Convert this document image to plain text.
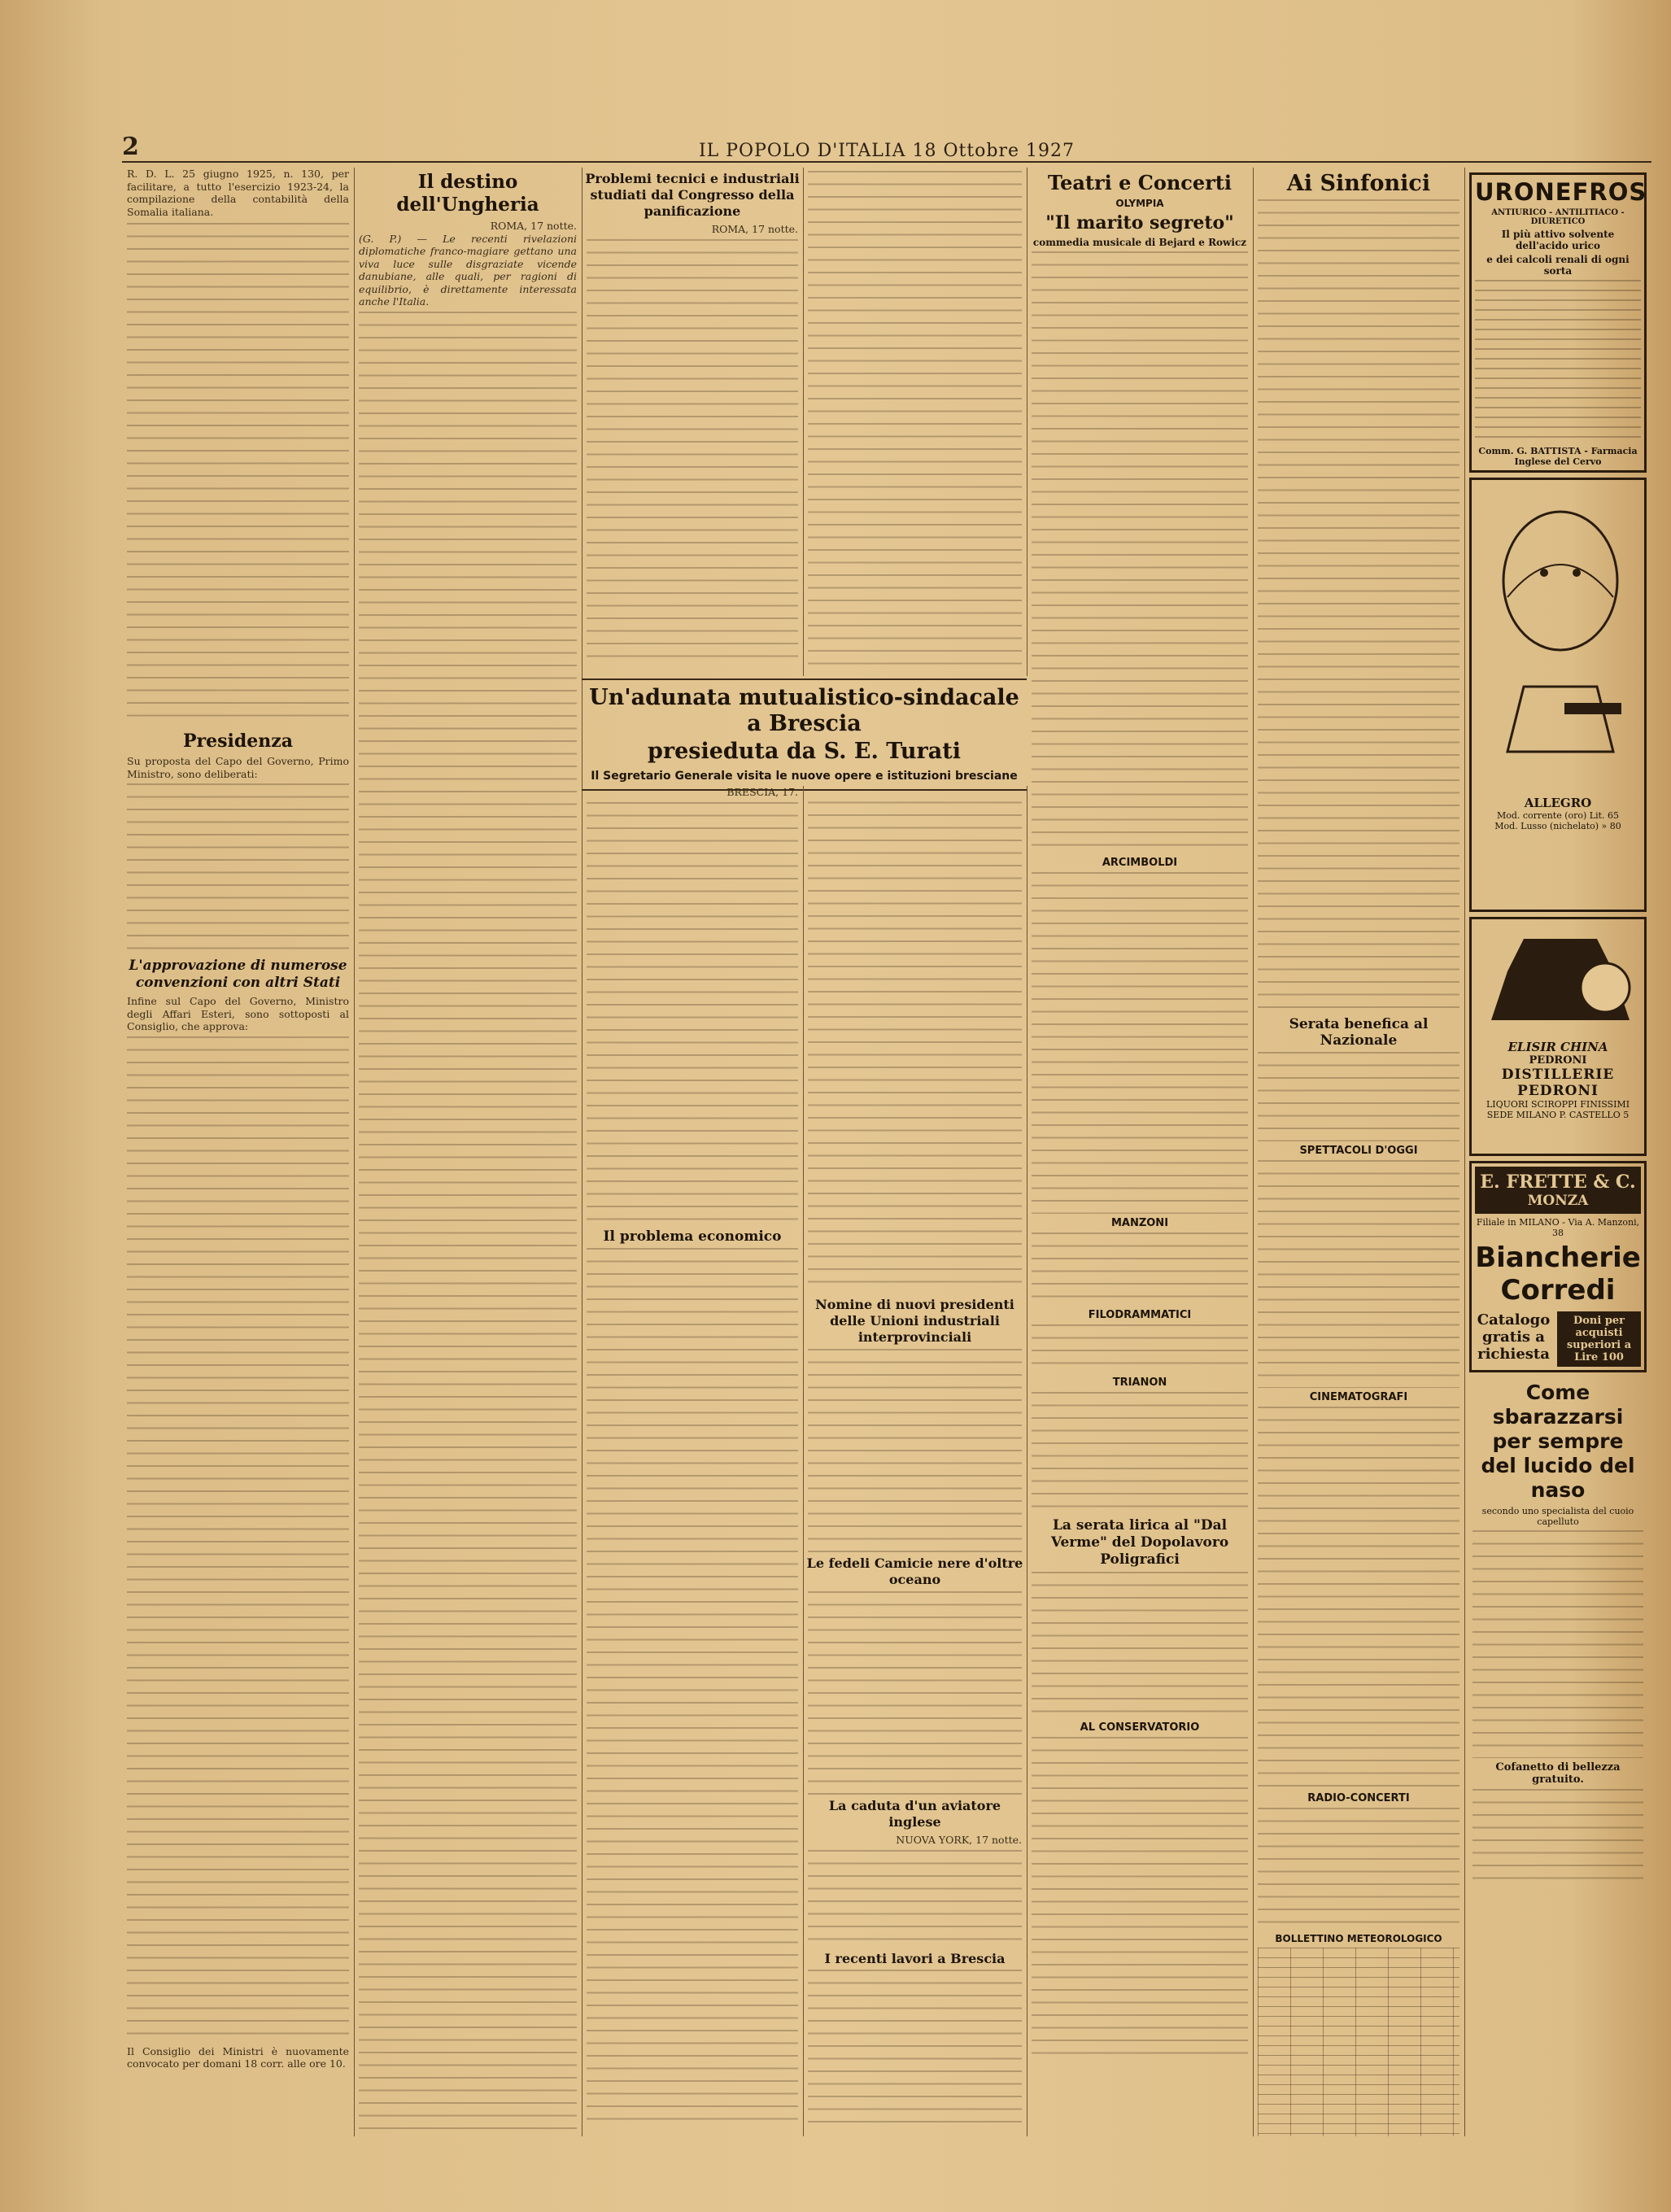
2	IL POPOLO D'ITALIA 18 Ottobre 1927
R. D. L. 25 giugno 1925, n. 130, per facilitare, a tutto l'esercizio 1923-24, la compilazione della contabilità della Somalia italiana.
Presidenza
Su proposta del Capo del Governo, Primo Ministro, sono deliberati:
L'approvazione di numerose convenzioni con altri Stati
Infine sul Capo del Governo, Ministro degli Affari Esteri, sono sottoposti al Consiglio, che approva:
Il Consiglio dei Ministri è nuovamente convocato per domani 18 corr. alle ore 10.
Il destino dell'Ungheria
ROMA, 17 notte.
(G. P.) — Le recenti rivelazioni diplomatiche franco-magiare gettano una viva luce sulle disgraziate vicende danubiane, alle quali, per ragioni di equilibrio, è direttamente interessata anche l'Italia.
Problemi tecnici e industriali studiati dal Congresso della panificazione
ROMA, 17 notte.
Un'adunata mutualistico-sindacale a Brescia
presieduta da S. E. Turati
Il Segretario Generale visita le nuove opere e istituzioni bresciane
BRESCIA, 17.
Il problema economico
Nomine di nuovi presidenti delle Unioni industriali interprovinciali
Le fedeli Camicie nere d'oltre oceano
La caduta d'un aviatore inglese
NUOVA YORK, 17 notte.
I recenti lavori a Brescia
Teatri e Concerti
OLYMPIA
"Il marito segreto"
commedia musicale di Bejard e Rowicz
ARCIMBOLDI
MANZONI
FILODRAMMATICI
TRIANON
La serata lirica al "Dal Verme" del Dopolavoro Poligrafici
AL CONSERVATORIO
Ai Sinfonici
Serata benefica al Nazionale
SPETTACOLI D'OGGI
CINEMATOGRAFI
RADIO-CONCERTI
BOLLETTINO METEOROLOGICO
URONEFROS
ANTIURICO - ANTILITIACO - DIURETICO
Il più attivo solvente dell'acido urico
e dei calcoli renali di ogni sorta
Comm. G. BATTISTA - Farmacia Inglese del Cervo
ALLEGRO
Mod. corrente (oro) Lit. 65
Mod. Lusso (nichelato) » 80
ELISIR CHINA
PEDRONI
DISTILLERIE PEDRONI
LIQUORI SCIROPPI FINISSIMI
SEDE MILANO P. CASTELLO 5
E. FRETTE & C.
MONZA
Filiale in MILANO - Via A. Manzoni, 38
Biancherie
Corredi
Catalogo gratis a richiesta
Doni per acquisti superiori a Lire 100
Come sbarazzarsi per sempre del lucido del naso
secondo uno specialista del cuoio capelluto
Cofanetto di bellezza gratuito.
